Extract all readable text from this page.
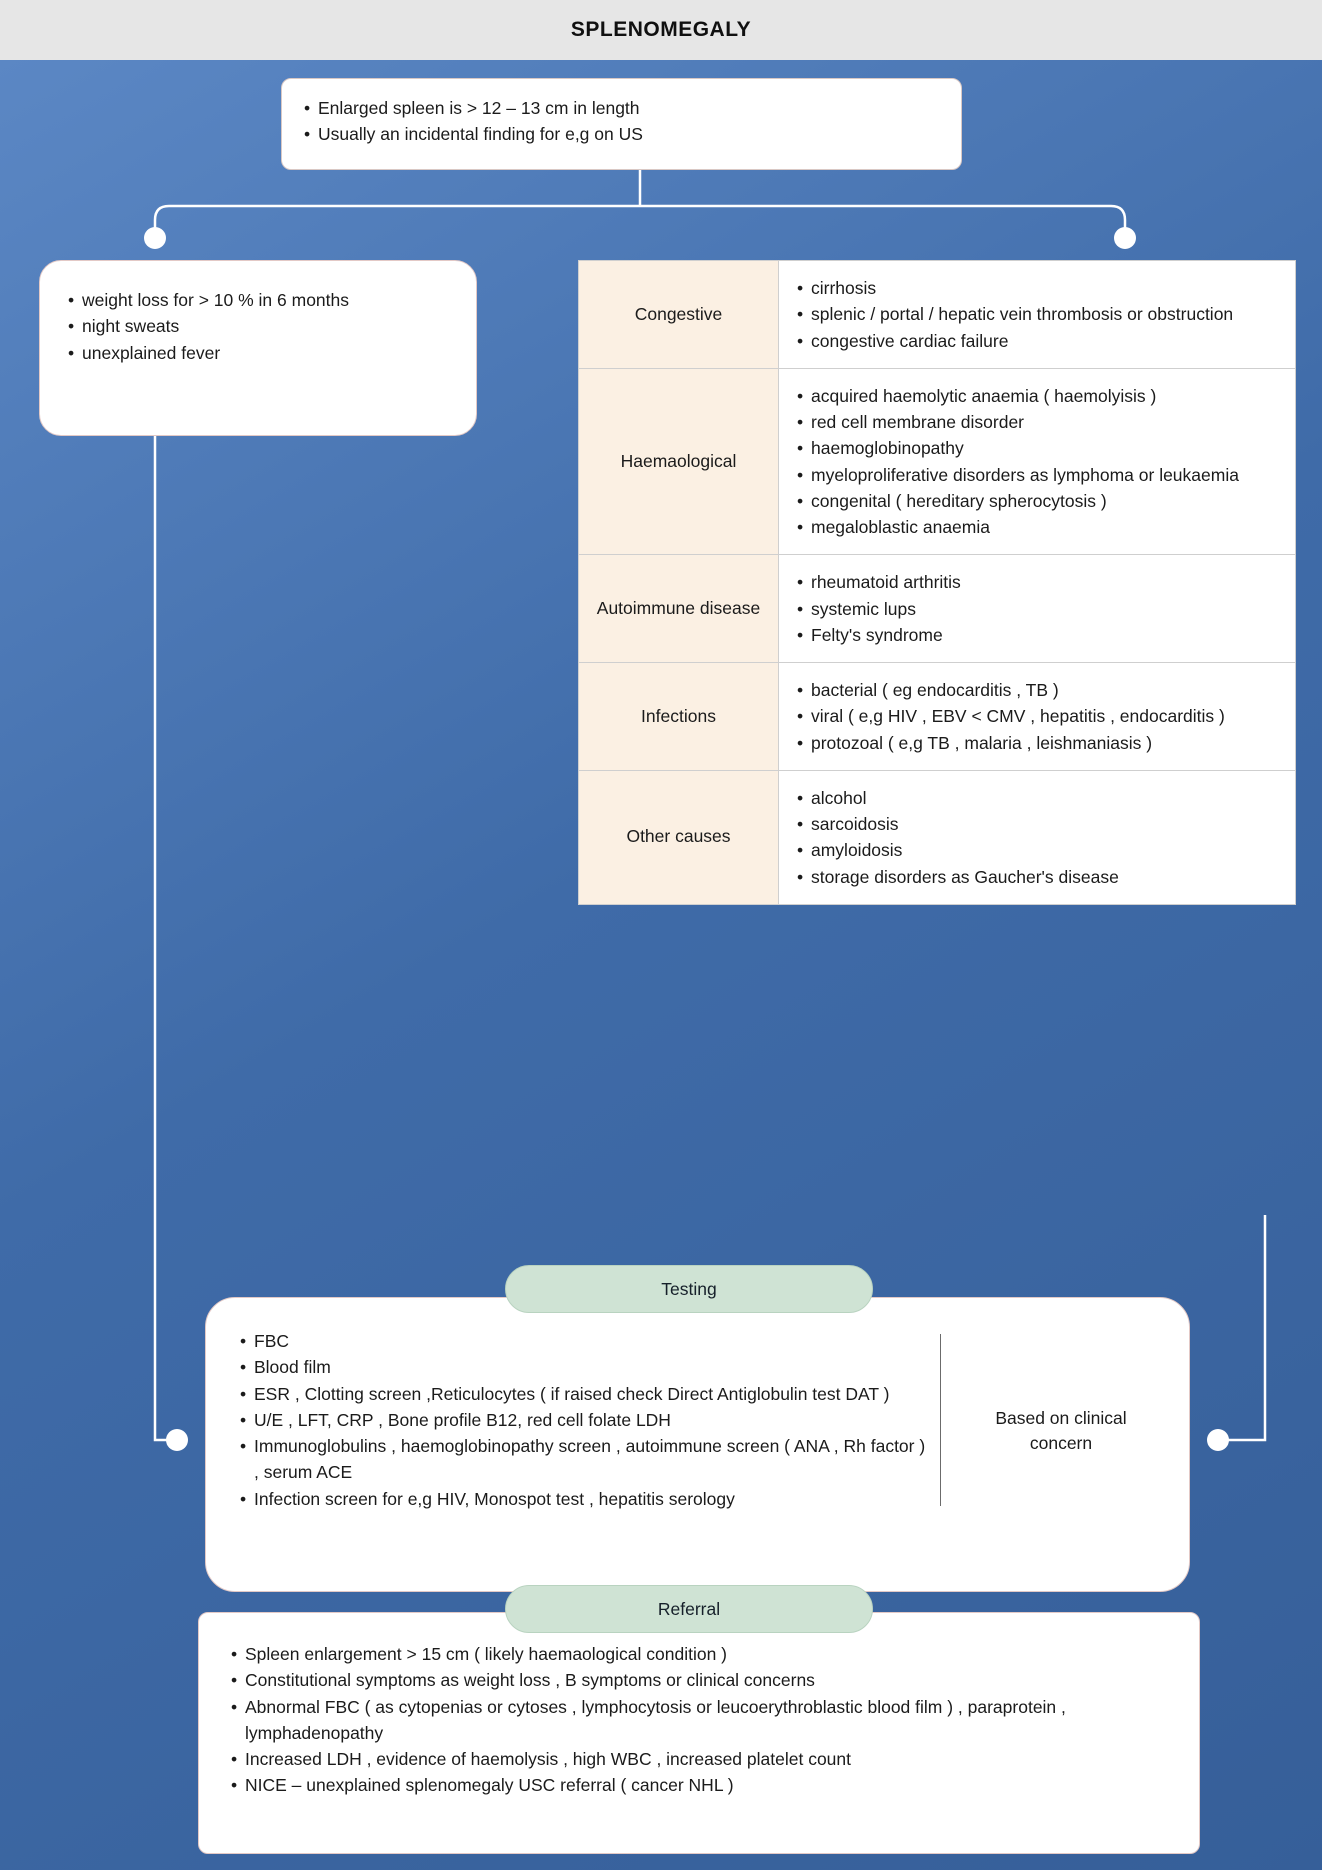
SPLENOMEGALY
• Enlarged spleen is > 12 – 13 cm in length
• Usually an incidental finding for e,g on US
• weight loss for > 10 % in 6 months
• night sweats
• unexplained fever
Congestive	
• cirrhosis
• splenic / portal / hepatic vein thrombosis or obstruction
• congestive cardiac failure

Haemaological	
• acquired haemolytic anaemia ( haemolyisis )
• red cell membrane disorder
• haemoglobinopathy
• myeloproliferative disorders as lymphoma or leukaemia
• congenital ( hereditary spherocytosis )
• megaloblastic anaemia

Autoimmune disease	
• rheumatoid arthritis
• systemic lups
• Felty's syndrome

Infections	
• bacterial ( eg endocarditis , TB )
• viral ( e,g HIV , EBV < CMV , hepatitis , endocarditis )
• protozoal ( e,g TB , malaria , leishmaniasis )

Other causes	
• alcohol
• sarcoidosis
• amyloidosis
• storage disorders as Gaucher's disease
Testing
• FBC
• Blood film
• ESR , Clotting screen ,Reticulocytes ( if raised check Direct Antiglobulin test DAT )
• U/E , LFT, CRP , Bone profile B12, red cell folate LDH
• Immunoglobulins , haemoglobinopathy screen , autoimmune screen ( ANA , Rh factor ) , serum ACE
• Infection screen for e,g HIV, Monospot test , hepatitis serology
Based on clinical concern
Referral
• Spleen enlargement > 15 cm ( likely haemaological condition )
• Constitutional symptoms as weight loss , B symptoms or clinical concerns
• Abnormal FBC ( as cytopenias or cytoses , lymphocytosis or leucoerythroblastic blood film ) , paraprotein , lymphadenopathy
• Increased LDH , evidence of haemolysis , high WBC , increased platelet count
• NICE – unexplained splenomegaly USC referral ( cancer NHL )
